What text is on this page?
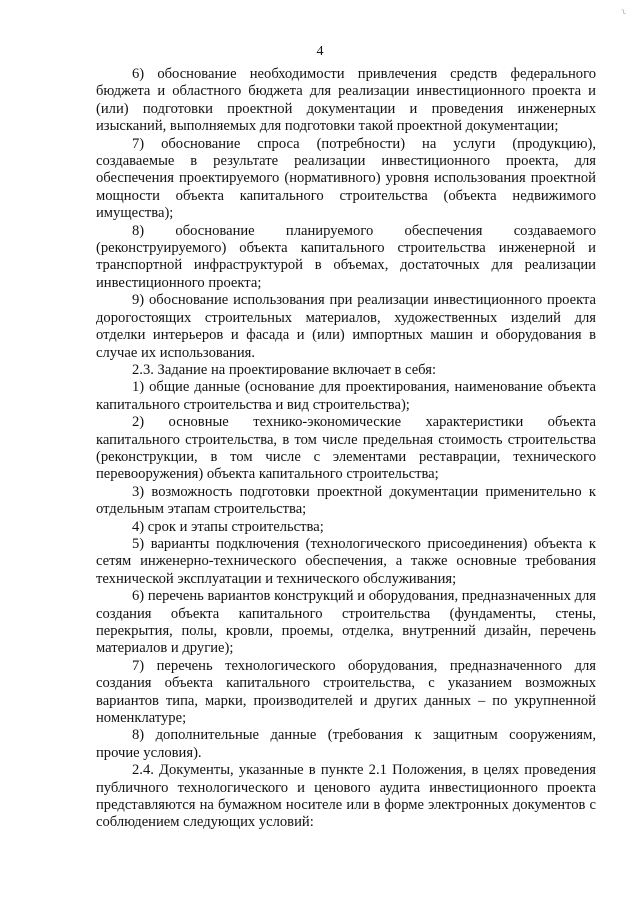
~
4

6) обоснование необходимости привлечения средств федерального бюджета и областного бюджета для реализации инвестиционного проекта и (или) подготовки проектной документации и проведения инженерных изысканий, выполняемых для подготовки такой проектной документации;

7) обоснование спроса (потребности) на услуги (продукцию), создаваемые в результате реализации инвестиционного проекта, для обеспечения проектируемого (нормативного) уровня использования проектной мощности объекта капитального строительства (объекта недвижимого имущества);

8) обоснование планируемого обеспечения создаваемого (реконструируемого) объекта капитального строительства инженерной и транспортной инфраструктурой в объемах, достаточных для реализации инвестиционного проекта;

9) обоснование использования при реализации инвестиционного проекта дорогостоящих строительных материалов, художественных изделий для отделки интерьеров и фасада и (или) импортных машин и оборудования в случае их использования.

2.3. Задание на проектирование включает в себя:

1) общие данные (основание для проектирования, наименование объекта капитального строительства и вид строительства);

2) основные технико-экономические характеристики объекта капитального строительства, в том числе предельная стоимость строительства (реконструкции, в том числе с элементами реставрации, технического перевооружения) объекта капитального строительства;

3) возможность подготовки проектной документации применительно к отдельным этапам строительства;

4) срок и этапы строительства;

5) варианты подключения (технологического присоединения) объекта к сетям инженерно-технического обеспечения, а также основные требования технической эксплуатации и технического обслуживания;

6) перечень вариантов конструкций и оборудования, предназначенных для создания объекта капитального строительства (фундаменты, стены, перекрытия, полы, кровли, проемы, отделка, внутренний дизайн, перечень материалов и другие);

7) перечень технологического оборудования, предназначенного для создания объекта капитального строительства, с указанием возможных вариантов типа, марки, производителей и других данных – по укрупненной номенклатуре;

8) дополнительные данные (требования к защитным сооружениям, прочие условия).

2.4. Документы, указанные в пункте 2.1 Положения, в целях проведения публичного технологического и ценового аудита инвестиционного проекта представляются на бумажном носителе или в форме электронных документов с соблюдением следующих условий:
